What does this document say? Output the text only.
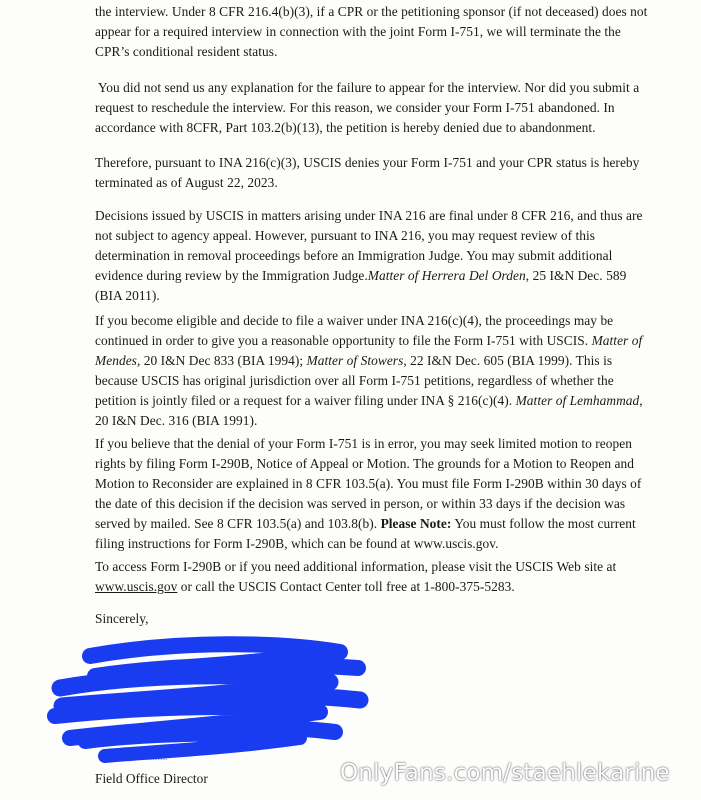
the interview. Under 8 CFR 216.4(b)(3), if a CPR or the petitioning sponsor (if not deceased) does not
appear for a required interview in connection with the joint Form I-751, we will terminate the the
CPR’s conditional resident status.

You did not send us any explanation for the failure to appear for the interview. Nor did you submit a
request to reschedule the interview. For this reason, we consider your Form I-751 abandoned. In
accordance with 8CFR, Part 103.2(b)(13), the petition is hereby denied due to abandonment.

Therefore, pursuant to INA 216(c)(3), USCIS denies your Form I-751 and your CPR status is hereby
terminated as of August 22, 2023.

Decisions issued by USCIS in matters arising under INA 216 are final under 8 CFR 216, and thus are
not subject to agency appeal. However, pursuant to INA 216, you may request review of this
determination in removal proceedings before an Immigration Judge. You may submit additional
evidence during review by the Immigration Judge.Matter of Herrera Del Orden, 25 I&N Dec. 589
(BIA 2011).

If you become eligible and decide to file a waiver under INA 216(c)(4), the proceedings may be
continued in order to give you a reasonable opportunity to file the Form I-751 with USCIS. Matter of
Mendes, 20 I&N Dec 833 (BIA 1994); Matter of Stowers, 22 I&N Dec. 605 (BIA 1999). This is
because USCIS has original jurisdiction over all Form I-751 petitions, regardless of whether the
petition is jointly filed or a request for a waiver filing under INA § 216(c)(4). Matter of Lemhammad,
20 I&N Dec. 316 (BIA 1991).

If you believe that the denial of your Form I-751 is in error, you may seek limited motion to reopen
rights by filing Form I-290B, Notice of Appeal or Motion. The grounds for a Motion to Reopen and
Motion to Reconsider are explained in 8 CFR 103.5(a). You must file Form I-290B within 30 days of
the date of this decision if the decision was served in person, or within 33 days if the decision was
served by mailed. See 8 CFR 103.5(a) and 103.8(b). Please Note: You must follow the most current
filing instructions for Form I-290B, which can be found at www.uscis.gov.

To access Form I-290B or if you need additional information, please visit the USCIS Web site at
www.uscis.gov or call the USCIS Contact Center toll free at 1-800-375-5283.

Sincerely,

...........................
Field Office Director	OnlyFans.com/staehlekarine
